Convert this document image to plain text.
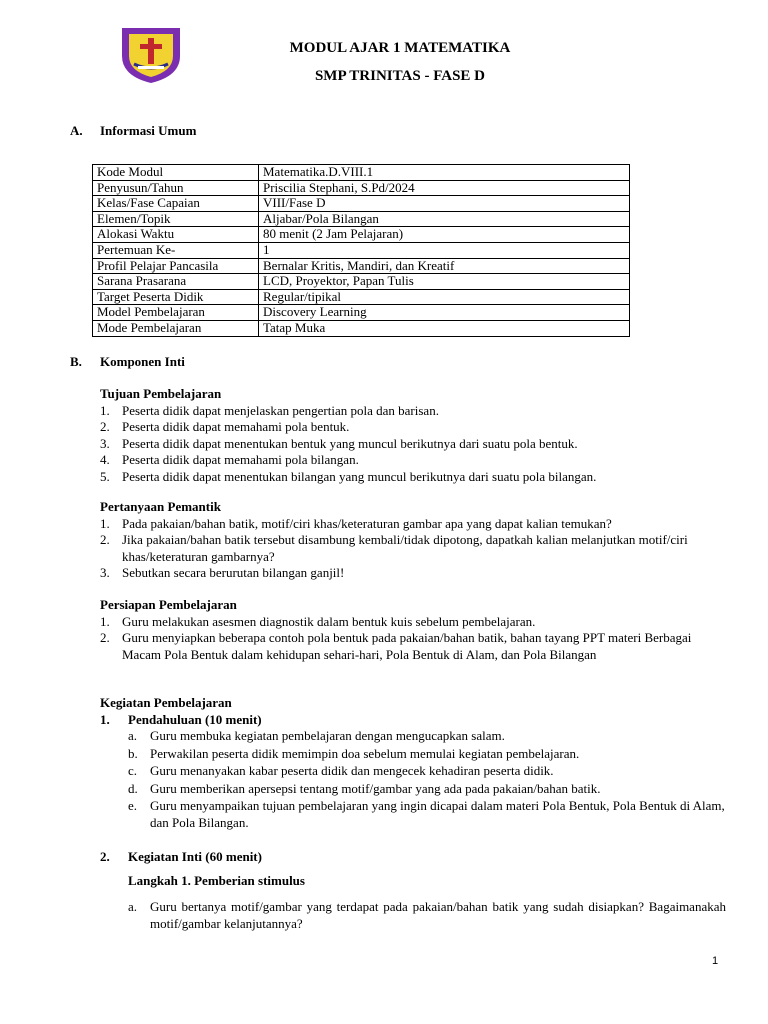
MODUL AJAR 1 MATEMATIKA
SMP TRINITAS - FASE D
A. Informasi Umum
Kode Modul	Matematika.D.VIII.1
Penyusun/Tahun	Priscilia Stephani, S.Pd/2024
Kelas/Fase Capaian	VIII/Fase D
Elemen/Topik	Aljabar/Pola Bilangan
Alokasi Waktu	80 menit (2 Jam Pelajaran)
Pertemuan Ke-	1
Profil Pelajar Pancasila	Bernalar Kritis, Mandiri, dan Kreatif
Sarana Prasarana	LCD, Proyektor, Papan Tulis
Target Peserta Didik	Regular/tipikal
Model Pembelajaran	Discovery Learning
Mode Pembelajaran	Tatap Muka
B. Komponen Inti
Tujuan Pembelajaran
1. Peserta didik dapat menjelaskan pengertian pola dan barisan.
2. Peserta didik dapat memahami pola bentuk.
3. Peserta didik dapat menentukan bentuk yang muncul berikutnya dari suatu pola bentuk.
4. Peserta didik dapat memahami pola bilangan.
5. Peserta didik dapat menentukan bilangan yang muncul berikutnya dari suatu pola bilangan.
Pertanyaan Pemantik
1. Pada pakaian/bahan batik, motif/ciri khas/keteraturan gambar apa yang dapat kalian temukan?
2. Jika pakaian/bahan batik tersebut disambung kembali/tidak dipotong, dapatkah kalian melanjutkan motif/ciri khas/keteraturan gambarnya?
3. Sebutkan secara berurutan bilangan ganjil!
Persiapan Pembelajaran
1. Guru melakukan asesmen diagnostik dalam bentuk kuis sebelum pembelajaran.
2. Guru menyiapkan beberapa contoh pola bentuk pada pakaian/bahan batik, bahan tayang PPT materi Berbagai Macam Pola Bentuk dalam kehidupan sehari-hari, Pola Bentuk di Alam, dan Pola Bilangan
Kegiatan Pembelajaran
1. Pendahuluan (10 menit)
a. Guru membuka kegiatan pembelajaran dengan mengucapkan salam.
b. Perwakilan peserta didik memimpin doa sebelum memulai kegiatan pembelajaran.
c. Guru menanyakan kabar peserta didik dan mengecek kehadiran peserta didik.
d. Guru memberikan apersepsi tentang motif/gambar yang ada pada pakaian/bahan batik.
e. Guru menyampaikan tujuan pembelajaran yang ingin dicapai dalam materi Pola Bentuk, Pola Bentuk di Alam, dan Pola Bilangan.
2. Kegiatan Inti (60 menit)
Langkah 1. Pemberian stimulus
a. Guru bertanya motif/gambar yang terdapat pada pakaian/bahan batik yang sudah disiapkan? Bagaimanakah motif/gambar kelanjutannya?
1
